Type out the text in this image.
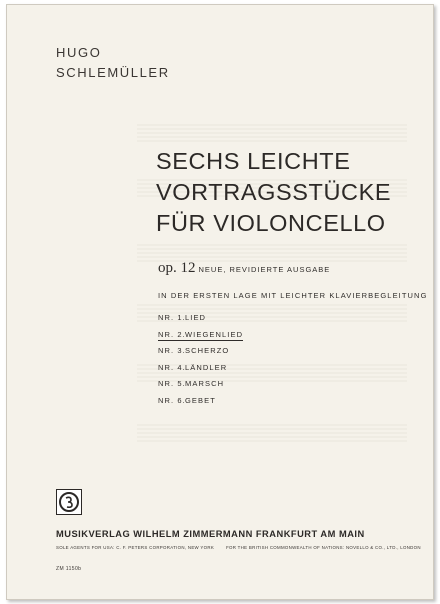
HUGO
SCHLEMÜLLER
SECHS LEICHTE
VORTRAGSSTÜCKE
FÜR VIOLONCELLO
op. 12 NEUE, REVIDIERTE AUSGABE
IN DER ERSTEN LAGE MIT LEICHTER KLAVIERBEGLEITUNG
NR. 1.LIED
NR. 2.WIEGENLIED
NR. 3.SCHERZO
NR. 4.LÄNDLER
NR. 5.MARSCH
NR. 6.GEBET
MUSIKVERLAG WILHELM ZIMMERMANN FRANKFURT AM MAIN
SOLE AGENTS FOR USA: C. F. PETERS CORPORATION, NEW YORK	FOR THE BRITISH COMMONWEALTH OF NATIONS: NOVELLO & CO., LTD., LONDON
ZM 1150b
